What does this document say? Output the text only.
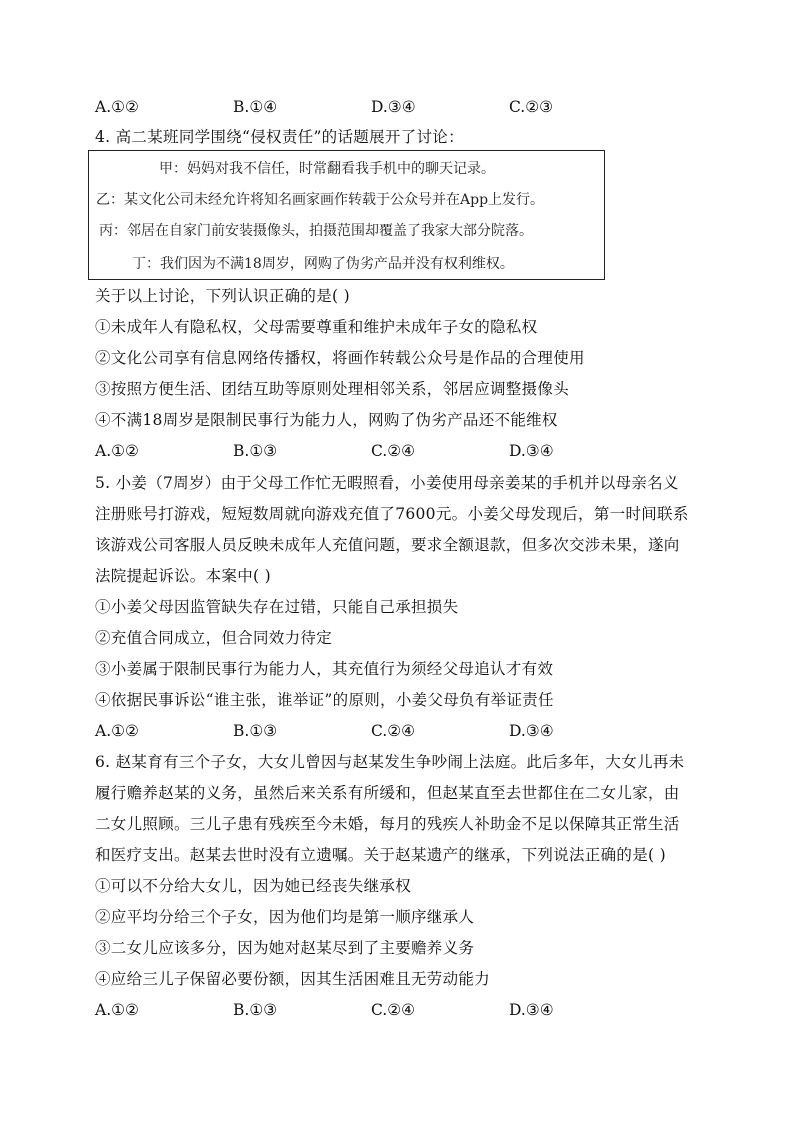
A.①②	B.①④	D.③④	C.②③
4. 高二某班同学围绕“侵权责任”的话题展开了讨论：
甲：妈妈对我不信任，时常翻看我手机中的聊天记录。
乙：某文化公司未经允许将知名画家画作转载于公众号并在App上发行。
丙：邻居在自家门前安装摄像头，拍摄范围却覆盖了我家大部分院落。
丁：我们因为不满18周岁，网购了伪劣产品并没有权利维权。
关于以上讨论，下列认识正确的是( )
①未成年人有隐私权，父母需要尊重和维护未成年子女的隐私权
②文化公司享有信息网络传播权，将画作转载公众号是作品的合理使用
③按照方便生活、团结互助等原则处理相邻关系，邻居应调整摄像头
④不满18周岁是限制民事行为能力人，网购了伪劣产品还不能维权
A.①②	B.①③	C.②④	D.③④
5. 小姜（7周岁）由于父母工作忙无暇照看，小姜使用母亲姜某的手机并以母亲名义
注册账号打游戏，短短数周就向游戏充值了7600元。小姜父母发现后，第一时间联系
该游戏公司客服人员反映未成年人充值问题，要求全额退款，但多次交涉未果，遂向
法院提起诉讼。本案中( )
①小姜父母因监管缺失存在过错，只能自己承担损失
②充值合同成立，但合同效力待定
③小姜属于限制民事行为能力人，其充值行为须经父母追认才有效
④依据民事诉讼“谁主张，谁举证”的原则，小姜父母负有举证责任
A.①②	B.①③	C.②④	D.③④
6. 赵某育有三个子女，大女儿曾因与赵某发生争吵闹上法庭。此后多年，大女儿再未
履行赡养赵某的义务，虽然后来关系有所缓和，但赵某直至去世都住在二女儿家，由
二女儿照顾。三儿子患有残疾至今未婚，每月的残疾人补助金不足以保障其正常生活
和医疗支出。赵某去世时没有立遗嘱。关于赵某遗产的继承，下列说法正确的是( )
①可以不分给大女儿，因为她已经丧失继承权
②应平均分给三个子女，因为他们均是第一顺序继承人
③二女儿应该多分，因为她对赵某尽到了主要赡养义务
④应给三儿子保留必要份额，因其生活困难且无劳动能力
A.①②	B.①③	C.②④	D.③④
